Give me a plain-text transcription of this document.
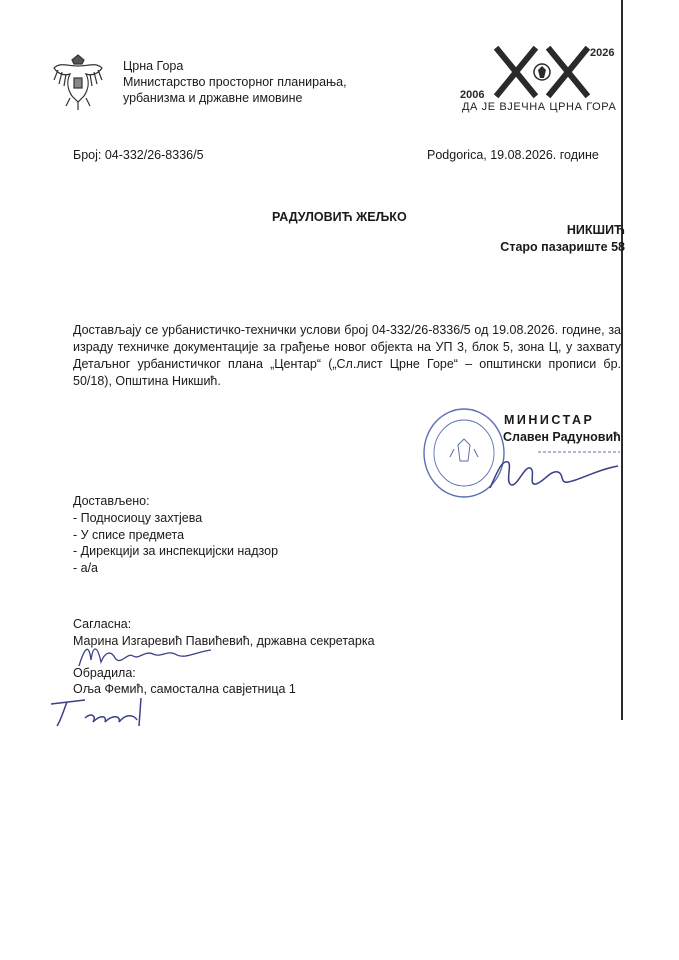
Црна Гора
Министарство просторног планирања,
урбанизма и државне имовине
2026
2006
ДА ЈЕ ВЈЕЧНА ЦРНА ГОРА
Број: 04-332/26-8336/5	Podgorica, 19.08.2026. године
РАДУЛОВИЋ ЖЕЉКО
НИКШИЋ
Старо пазариште 58
Достављају се урбанистичко-технички услови број 04-332/26-8336/5 од 19.08.2026. године, за израду техничке документације за грађење новог објекта на УП 3, блок 5, зона Ц, у захвату Детаљног урбанистичког плана „Центар“ („Сл.лист Црне Горе“ – општински прописи бр. 50/18), Општина Никшић.
МИНИСТАР
Славен Радуновић
Достављено:
- Подносиоцу захтјева
- У списе предмета
- Дирекцији за инспекцијски надзор
- а/а
Сагласна:
Марина Изгаревић Павићевић, државна секретарка
Обрадила:
Оља Фемић, самостална савјетница 1
